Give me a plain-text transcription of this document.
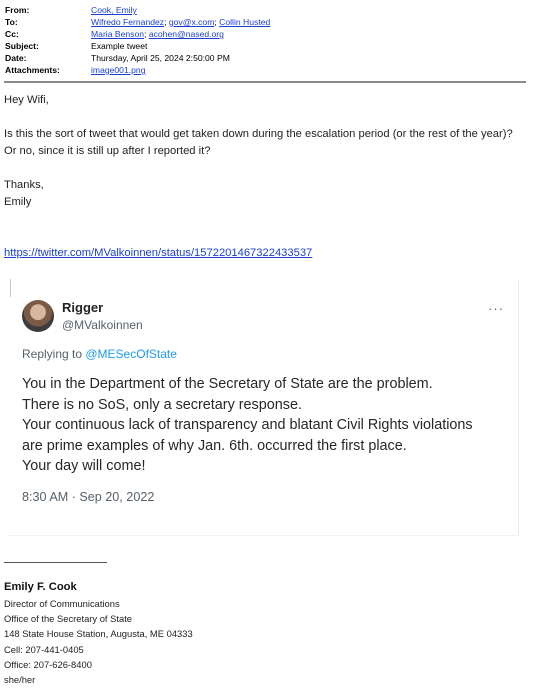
From:	Cook, Emily
To:	Wifredo Fernandez; gov@x.com; Collin Husted
Cc:	Maria Benson; acohen@nased.org
Subject:	Example tweet
Date:	Thursday, April 25, 2024 2:50:00 PM
Attachments:	image001.png
Hey Wifi,
Is this the sort of tweet that would get taken down during the escalation period (or the rest of the year)? Or no, since it is still up after I reported it?
Thanks,
Emily
https://twitter.com/MValkoinnen/status/1572201467322433537
Rigger
@MValkoinnen
···
Replying to @MESecOfState
You in the Department of the Secretary of State are the problem.
There is no SoS, only a secretary response.
Your continuous lack of transparency and blatant Civil Rights violations
are prime examples of why Jan. 6th. occurred the first place.
Your day will come!
8:30 AM · Sep 20, 2022
Emily F. Cook
Director of Communications
Office of the Secretary of State
148 State House Station, Augusta, ME 04333
Cell: 207-441-0405
Office: 207-626-8400
she/her
